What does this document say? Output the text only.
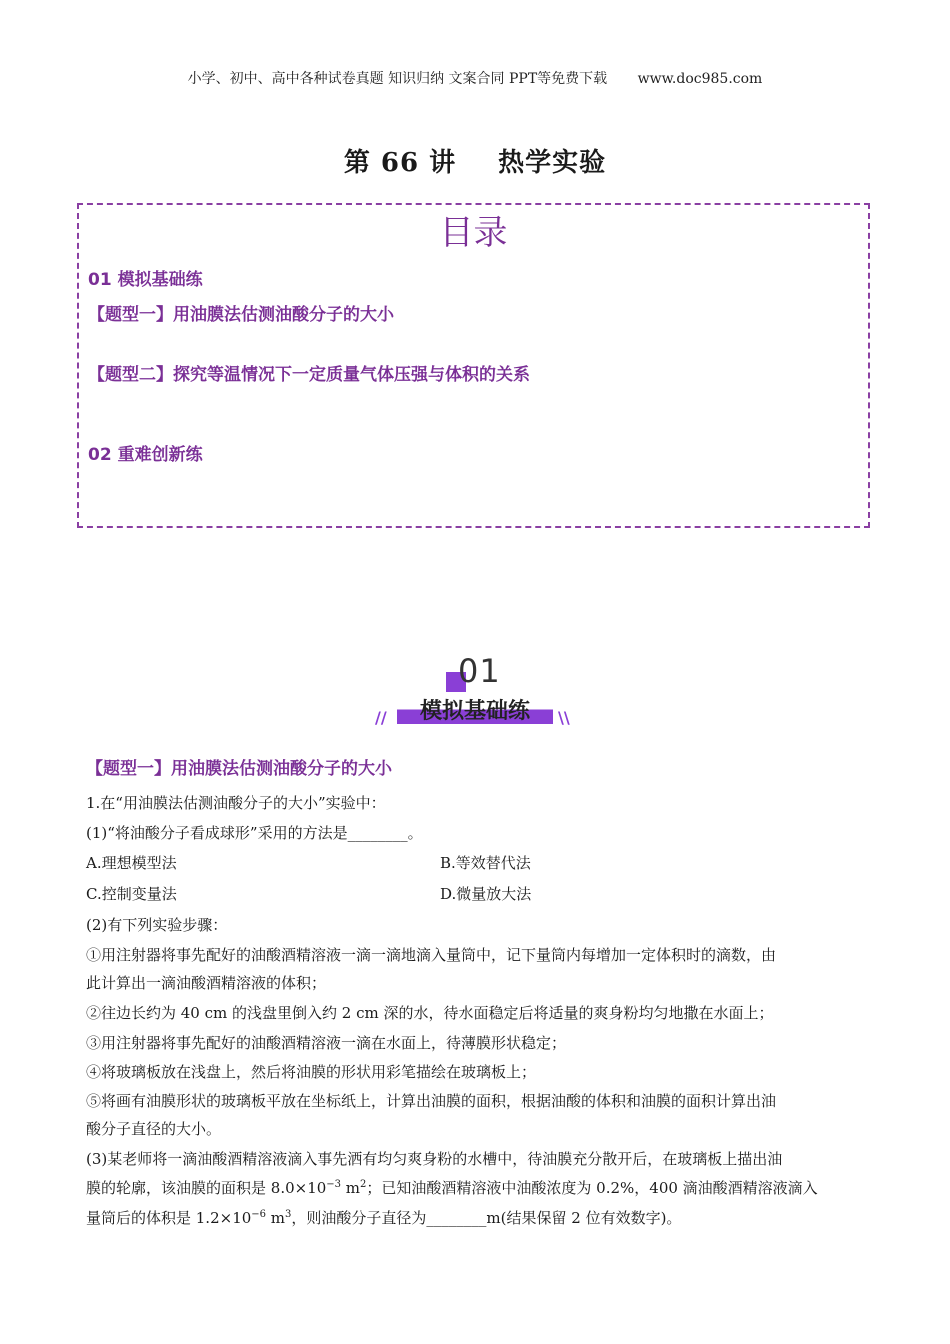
小学、初中、高中各种试卷真题 知识归纳 文案合同 PPT等免费下载 www.doc985.com
第 66 讲 热学实验
目录
01 模拟基础练
【题型一】用油膜法估测油酸分子的大小
【题型二】探究等温情况下一定质量气体压强与体积的关系
02 重难创新练
01
模拟基础练
//	\\
【题型一】用油膜法估测油酸分子的大小
1.在“用油膜法估测油酸分子的大小”实验中：
(1)“将油酸分子看成球形”采用的方法是________。
A.理想模型法	B.等效替代法
C.控制变量法	D.微量放大法
(2)有下列实验步骤：
①用注射器将事先配好的油酸酒精溶液一滴一滴地滴入量筒中，记下量筒内每增加一定体积时的滴数，由
此计算出一滴油酸酒精溶液的体积；
②往边长约为 40 cm 的浅盘里倒入约 2 cm 深的水，待水面稳定后将适量的爽身粉均匀地撒在水面上；
③用注射器将事先配好的油酸酒精溶液一滴在水面上，待薄膜形状稳定；
④将玻璃板放在浅盘上，然后将油膜的形状用彩笔描绘在玻璃板上；
⑤将画有油膜形状的玻璃板平放在坐标纸上，计算出油膜的面积，根据油酸的体积和油膜的面积计算出油
酸分子直径的大小。
(3)某老师将一滴油酸酒精溶液滴入事先洒有均匀爽身粉的水槽中，待油膜充分散开后，在玻璃板上描出油
膜的轮廓，该油膜的面积是 $8.0\times 10^{-3}$ $m^2$；已知油酸酒精溶液中油酸浓度为 0.2%，400 滴油酸酒精溶液滴入
量筒后的体积是 $1.2\times 10^{-6}$ $m^3$，则油酸分子直径为________m(结果保留 2 位有效数字)。
